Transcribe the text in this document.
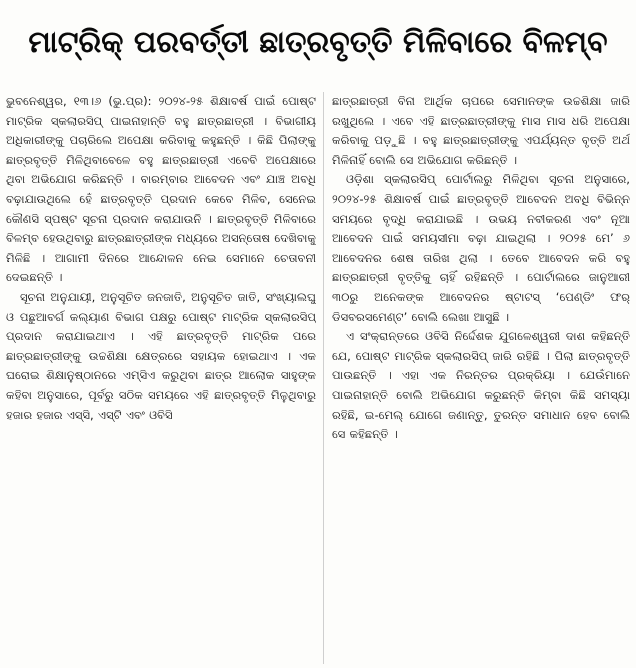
ମାଟ୍ରିକ୍ ପରବର୍ତ୍ତୀ ଛାତ୍ରବୃତ୍ତି ମିଳିବାରେ ବିଳମ୍ବ

ଭୁବନେଶ୍ୱର, ୧୩।୬ (ଭୁ.ପ୍ର): ୨୦୨୪-୨୫ ଶିକ୍ଷାବର୍ଷ ପାଇଁ ପୋଷ୍ଟ ମାଟ୍ରିକ ସ୍କଲାରସିପ୍ ପାଇନାହାନ୍ତି ବହୁ ଛାତ୍ରଛାତ୍ରୀ । ବିଭାଗୀୟ ଅଧିକାରୀଙ୍କୁ ପଚାରିଲେ ଅପେକ୍ଷା କରିବାକୁ କହୁଛନ୍ତି । କିଛି ପିଲାଙ୍କୁ ଛାତ୍ରବୃତ୍ତି ମିଳିଥିବାବେଳେ ବହୁ ଛାତ୍ରଛାତ୍ରୀ ଏବେବି ଅପେକ୍ଷାରେ ଥିବା ଅଭିଯୋଗ କରିଛନ୍ତି । ବାରମ୍ବାର ଆବେଦନ ଏବଂ ଯାଞ୍ଚ ଅବଧି ବଢ଼ାଯାଉଥିଲେ ହେଁ ଛାତ୍ରବୃତ୍ତି ପ୍ରଦାନ କେବେ ମିଳିବ, ସେନେଇ କୌଣସି ସ୍ପଷ୍ଟ ସୂଚନା ପ୍ରଦାନ କରାଯାଉନି । ଛାତ୍ରବୃତ୍ତି ମିଳିବାରେ ବିଳମ୍ବ ହେଉଥିବାରୁ ଛାତ୍ରଛାତ୍ରୀଙ୍କ ମଧ୍ୟରେ ଅସନ୍ତୋଷ ଦେଖିବାକୁ ମିଳିଛି । ଆଗାମୀ ଦିନରେ ଆନ୍ଦୋଳନ ନେଇ ସେମାନେ ଚେତାବନୀ ଦେଇଛନ୍ତି ।

ସୂଚନା ଅନୁଯାୟୀ, ଅନୁସୂଚିତ ଜନଜାତି, ଅନୁସୂଚିତ ଜାତି, ସଂଖ୍ୟାଲଘୁ ଓ ପଛୁଆବର୍ଗ କଲ୍ୟାଣ ବିଭାଗ ପକ୍ଷରୁ ପୋଷ୍ଟ ମାଟ୍ରିକ ସ୍କଲାରସିପ୍ ପ୍ରଦାନ କରାଯାଇଥାଏ । ଏହି ଛାତ୍ରବୃତ୍ତି ମାଟ୍ରିକ ପରେ ଛାତ୍ରଛାତ୍ରୀଙ୍କୁ ଉଚ୍ଚଶିକ୍ଷା କ୍ଷେତ୍ରରେ ସହାୟକ ହୋଇଥାଏ । ଏକ ଘରୋଇ ଶିକ୍ଷାନୁଷ୍ଠାନରେ ଏମ୍‌ସିଏ କରୁଥିବା ଛାତ୍ର ଆଲୋକ ସାହୁଙ୍କ କହିବା ଅନୁସାରେ, ପୂର୍ବରୁ ସଠିକ ସମୟରେ ଏହି ଛାତ୍ରବୃତ୍ତି ମିଳୁଥିବାରୁ ହଜାର ହଜାର ଏସ୍‌ସି, ଏସ୍‌ଟି ଏବଂ ଓବିସି

ଛାତ୍ରଛାତ୍ରୀ ବିନା ଆର୍ଥିକ ଚାପରେ ସେମାନଙ୍କ ଉଚ୍ଚଶିକ୍ଷା ଜାରି ରଖୁଥିଲେ । ଏବେ ଏହି ଛାତ୍ରଛାତ୍ରୀଙ୍କୁ ମାସ ମାସ ଧରି ଅପେକ୍ଷା କରିବାକୁ ପଡ଼ୁଛି । ବହୁ ଛାତ୍ରଛାତ୍ରୀଙ୍କୁ ଏପର୍ଯ୍ୟନ୍ତ ବୃତ୍ତି ଅର୍ଥ ମିଳିନାହିଁ ବୋଲି ସେ ଅଭିଯୋଗ କରିଛନ୍ତି ।

ଓଡ଼ିଶା ସ୍କଲାରସିପ୍ ପୋର୍ଟାଲରୁ ମିଳିଥିବା ସୂଚନା ଅନୁସାରେ, ୨୦୨୪-୨୫ ଶିକ୍ଷାବର୍ଷ ପାଇଁ ଛାତ୍ରବୃତ୍ତି ଆବେଦନ ଅବଧି ବିଭିନ୍ନ ସମୟରେ ବୃଦ୍ଧି କରାଯାଇଛି । ଉଭୟ ନବୀକରଣ ଏବଂ ନୂଆ ଆବେଦନ ପାଇଁ ସମୟସୀମା ବଢ଼ା ଯାଇଥିଲା । ୨୦୨୫ ମେ’ ୬ ଆବେଦନର ଶେଷ ତାରିଖ ଥିଲା । ତେବେ ଆବେଦନ କରି ବହୁ ଛାତ୍ରଛାତ୍ରୀ ବୃତ୍ତିକୁ ଚାହିଁ ରହିଛନ୍ତି । ପୋର୍ଟାଲରେ ଜାନୁଆରୀ ୩୦ରୁ ଅନେକଙ୍କ ଆବେଦନର ଷ୍ଟାଟସ୍ ‘ପେଣ୍ଡିଂ ଫର୍ ଡିସବରସମେଣ୍ଟ’ ବୋଲି ଲେଖା ଆସୁଛି ।

ଏ ସଂକ୍ରାନ୍ତରେ ଓବିସି ନିର୍ଦ୍ଦେଶକ ଯୁଗଳେଶ୍ୱରୀ ଦାଶ କହିଛନ୍ତି ଯେ, ପୋଷ୍ଟ ମାଟ୍ରିକ ସ୍କଲାରସିପ୍ ଜାରି ରହିଛି । ପିଲା ଛାତ୍ରବୃତ୍ତି ପାଉଛନ୍ତି । ଏହା ଏକ ନିରନ୍ତର ପ୍ରକ୍ରିୟା । ଯେଉଁମାନେ ପାଇନାହାନ୍ତି ବୋଲି ଅଭିଯୋଗ କରୁଛନ୍ତି କିମ୍ବା କିଛି ସମସ୍ୟା ରହିଛି, ଇ-ମେଲ୍ ଯୋଗେ ଜଣାନ୍ତୁ, ତୁରନ୍ତ ସମାଧାନ ହେବ ବୋଲି ସେ କହିଛନ୍ତି ।
